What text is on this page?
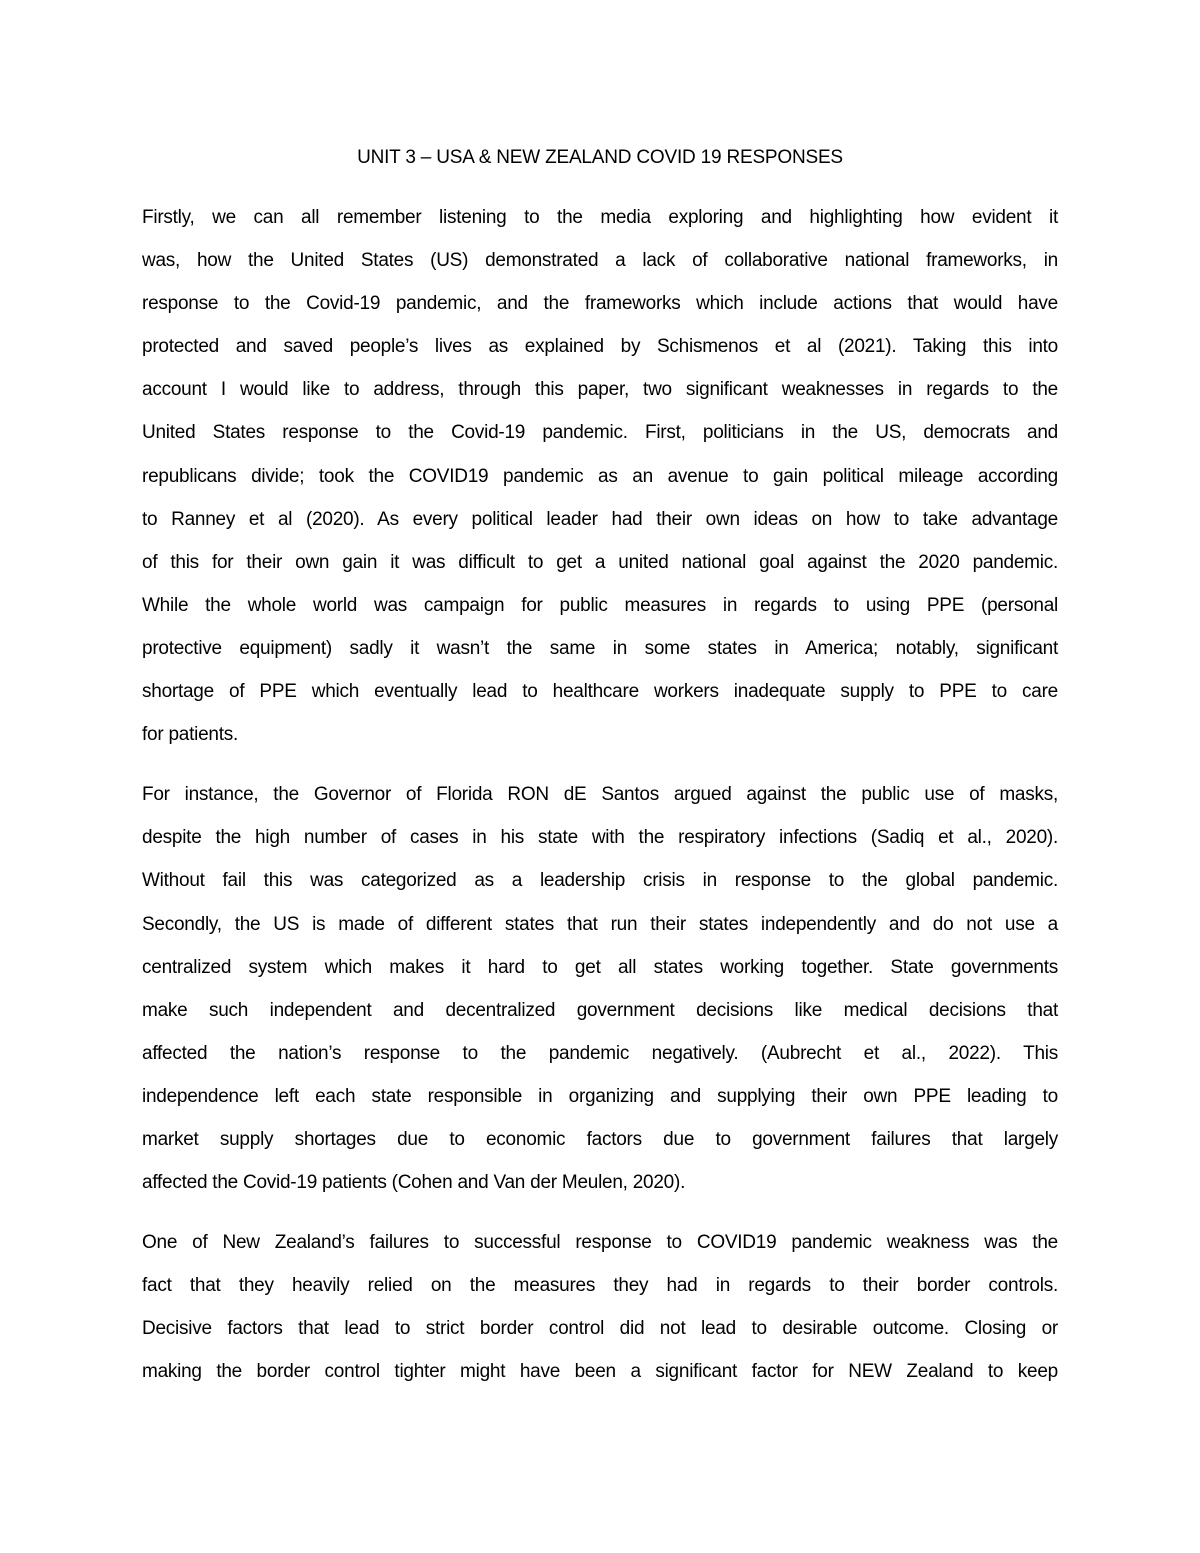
UNIT 3 – USA & NEW ZEALAND COVID 19 RESPONSES

Firstly, we can all remember listening to the media exploring and highlighting how evident it
was, how the United States (US) demonstrated a lack of collaborative national frameworks, in
response to the Covid-19 pandemic, and the frameworks which include actions that would have
protected and saved people’s lives as explained by Schismenos et al (2021). Taking this into
account I would like to address, through this paper, two significant weaknesses in regards to the
United States response to the Covid-19 pandemic. First, politicians in the US, democrats and
republicans divide; took the COVID19 pandemic as an avenue to gain political mileage according
to Ranney et al (2020). As every political leader had their own ideas on how to take advantage
of this for their own gain it was difficult to get a united national goal against the 2020 pandemic.
While the whole world was campaign for public measures in regards to using PPE (personal
protective equipment) sadly it wasn’t the same in some states in America; notably, significant
shortage of PPE which eventually lead to healthcare workers inadequate supply to PPE to care
for patients.

For instance, the Governor of Florida RON dE Santos argued against the public use of masks,
despite the high number of cases in his state with the respiratory infections (Sadiq et al., 2020).
Without fail this was categorized as a leadership crisis in response to the global pandemic.
Secondly, the US is made of different states that run their states independently and do not use a
centralized system which makes it hard to get all states working together. State governments
make such independent and decentralized government decisions like medical decisions that
affected the nation’s response to the pandemic negatively. (Aubrecht et al., 2022). This
independence left each state responsible in organizing and supplying their own PPE leading to
market supply shortages due to economic factors due to government failures that largely
affected the Covid-19 patients (Cohen and Van der Meulen, 2020).

One of New Zealand’s failures to successful response to COVID19 pandemic weakness was the
fact that they heavily relied on the measures they had in regards to their border controls.
Decisive factors that lead to strict border control did not lead to desirable outcome. Closing or
making the border control tighter might have been a significant factor for NEW Zealand to keep
